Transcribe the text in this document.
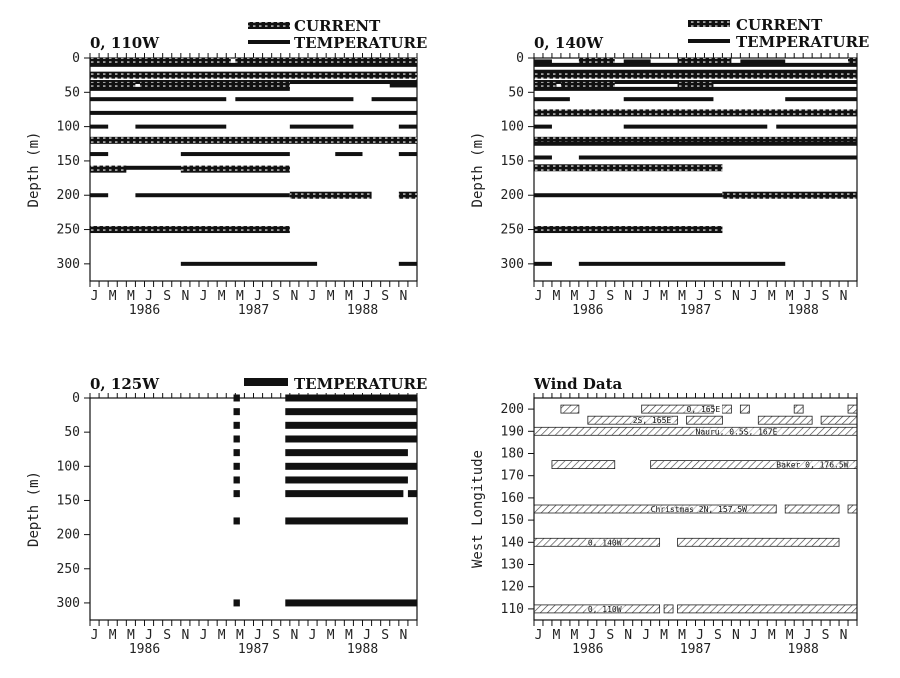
0, 110W
CURRENT
TEMPERATURE	0, 140W
CURRENT
TEMPERATURE
0, 125W	TEMPERATURE	Wind Data
J M M J S N J M M J S N J M M J S N
1986	1987	1988
0
50
100
150
200
250
300
Depth (m)
J M M J S N J M M J S N J M M J S N
1986	1987	1988
0
50
100
150
200
250
300
Depth (m)
J M M J S N J M M J S N J M M J S N
1986	1987	1988
0
50
100
150
200
250
300
Depth (m)
J M M J S N J M M J S N J M M J S N
1986	1987	1988
110
120
130
140
150
160
170
180
190
200
West Longitude
0, 165E
2S, 165E
Nauru, 0.5S, 167E
Baker 0, 176.5W
Christmas 2N, 157.5W
0, 140W
0, 110W
